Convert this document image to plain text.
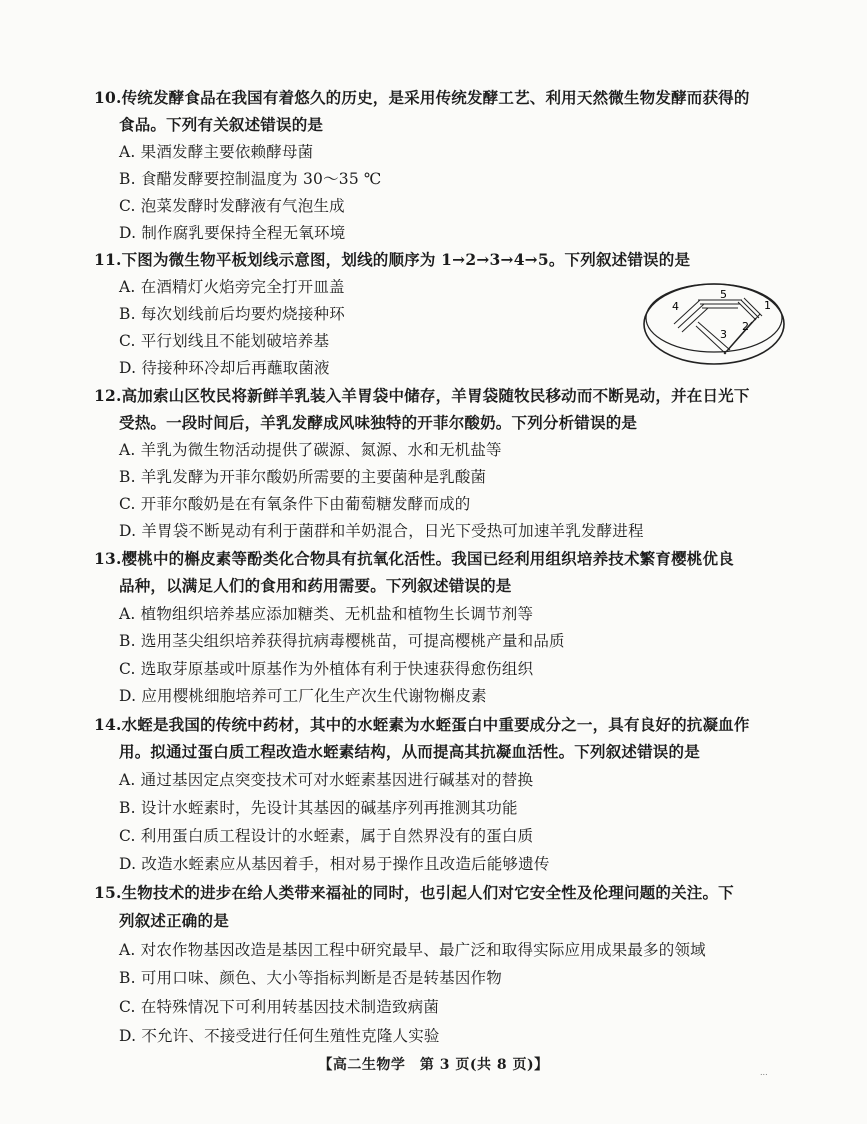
10.传统发酵食品在我国有着悠久的历史，是采用传统发酵工艺、利用天然微生物发酵而获得的
食品。下列有关叙述错误的是
A. 果酒发酵主要依赖酵母菌
B. 食醋发酵要控制温度为 30～35 ℃
C. 泡菜发酵时发酵液有气泡生成
D. 制作腐乳要保持全程无氧环境
11.下图为微生物平板划线示意图，划线的顺序为 1→2→3→4→5。下列叙述错误的是
A. 在酒精灯火焰旁完全打开皿盖
B. 每次划线前后均要灼烧接种环
C. 平行划线且不能划破培养基
D. 待接种环冷却后再蘸取菌液
1
2
3
4
5
12.高加索山区牧民将新鲜羊乳装入羊胃袋中储存，羊胃袋随牧民移动而不断晃动，并在日光下
受热。一段时间后，羊乳发酵成风味独特的开菲尔酸奶。下列分析错误的是
A. 羊乳为微生物活动提供了碳源、氮源、水和无机盐等
B. 羊乳发酵为开菲尔酸奶所需要的主要菌种是乳酸菌
C. 开菲尔酸奶是在有氧条件下由葡萄糖发酵而成的
D. 羊胃袋不断晃动有利于菌群和羊奶混合，日光下受热可加速羊乳发酵进程
13.樱桃中的槲皮素等酚类化合物具有抗氧化活性。我国已经利用组织培养技术繁育樱桃优良
品种，以满足人们的食用和药用需要。下列叙述错误的是
A. 植物组织培养基应添加糖类、无机盐和植物生长调节剂等
B. 选用茎尖组织培养获得抗病毒樱桃苗，可提高樱桃产量和品质
C. 选取芽原基或叶原基作为外植体有利于快速获得愈伤组织
D. 应用樱桃细胞培养可工厂化生产次生代谢物槲皮素
14.水蛭是我国的传统中药材，其中的水蛭素为水蛭蛋白中重要成分之一，具有良好的抗凝血作
用。拟通过蛋白质工程改造水蛭素结构，从而提高其抗凝血活性。下列叙述错误的是
A. 通过基因定点突变技术可对水蛭素基因进行碱基对的替换
B. 设计水蛭素时，先设计其基因的碱基序列再推测其功能
C. 利用蛋白质工程设计的水蛭素，属于自然界没有的蛋白质
D. 改造水蛭素应从基因着手，相对易于操作且改造后能够遗传
15.生物技术的进步在给人类带来福祉的同时，也引起人们对它安全性及伦理问题的关注。下
列叙述正确的是
A. 对农作物基因改造是基因工程中研究最早、最广泛和取得实际应用成果最多的领域
B. 可用口味、颜色、大小等指标判断是否是转基因作物
C. 在特殊情况下可利用转基因技术制造致病菌
D. 不允许、不接受进行任何生殖性克隆人实验
【高二生物学　第 3 页(共 8 页)】	...
